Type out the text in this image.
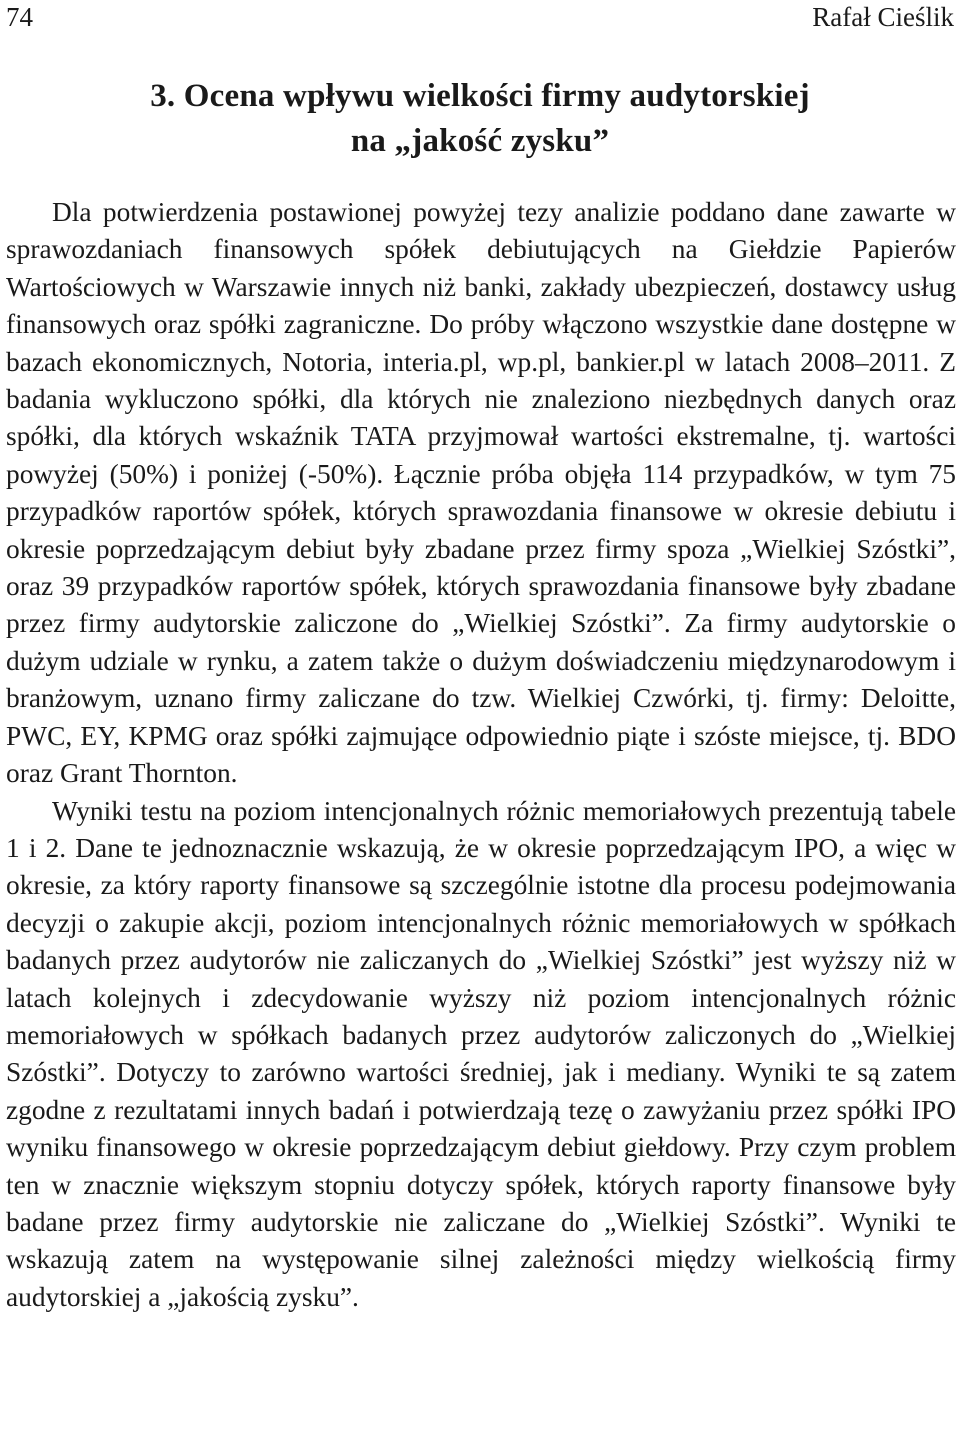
74	Rafał Cieślik
3. Ocena wpływu wielkości firmy audytorskiej
na „jakość zysku”

Dla potwierdzenia postawionej powyżej tezy analizie poddano dane zawarte w sprawozdaniach finansowych spółek debiutujących na Giełdzie Papierów Wartościowych w Warszawie innych niż banki, zakłady ubezpieczeń, dostawcy usług finansowych oraz spółki zagraniczne. Do próby włączono wszystkie dane dostępne w bazach ekonomicznych, Notoria, interia.pl, wp.pl, bankier.pl w latach 2008–2011. Z badania wykluczono spółki, dla których nie znaleziono niezbędnych danych oraz spółki, dla których wskaźnik TATA przyjmował wartości ekstremalne, tj. wartości powyżej (50%) i poniżej (-50%). Łącznie próba objęła 114 przypadków, w tym 75 przypadków raportów spółek, których sprawozdania finansowe w okresie debiutu i okresie poprzedzającym debiut były zbadane przez firmy spoza „Wielkiej Szóstki”, oraz 39 przypadków raportów spółek, których sprawozdania finansowe były zbadane przez firmy audytorskie zaliczone do „Wielkiej Szóstki”. Za firmy audytorskie o dużym udziale w rynku, a zatem także o dużym doświadczeniu międzynarodowym i branżowym, uznano firmy zaliczane do tzw. Wielkiej Czwórki, tj. firmy: Deloitte, PWC, EY, KPMG oraz spółki zajmujące odpowiednio piąte i szóste miejsce, tj. BDO oraz Grant Thornton.

Wyniki testu na poziom intencjonalnych różnic memoriałowych prezentują tabele 1 i 2. Dane te jednoznacznie wskazują, że w okresie poprzedzającym IPO, a więc w okresie, za który raporty finansowe są szczególnie istotne dla procesu podejmowania decyzji o zakupie akcji, poziom intencjonalnych różnic memoriałowych w spółkach badanych przez audytorów nie zaliczanych do „Wielkiej Szóstki” jest wyższy niż w latach kolejnych i zdecydowanie wyższy niż poziom intencjonalnych różnic memoriałowych w spółkach badanych przez audytorów zaliczonych do „Wielkiej Szóstki”. Dotyczy to zarówno wartości średniej, jak i mediany. Wyniki te są zatem zgodne z rezultatami innych badań i potwierdzają tezę o zawyżaniu przez spółki IPO wyniku finansowego w okresie poprzedzającym debiut giełdowy. Przy czym problem ten w znacznie większym stopniu dotyczy spółek, których raporty finansowe były badane przez firmy audytorskie nie zaliczane do „Wielkiej Szóstki”. Wyniki te wskazują zatem na występowanie silnej zależności między wielkością firmy audytorskiej a „jakością zysku”.
